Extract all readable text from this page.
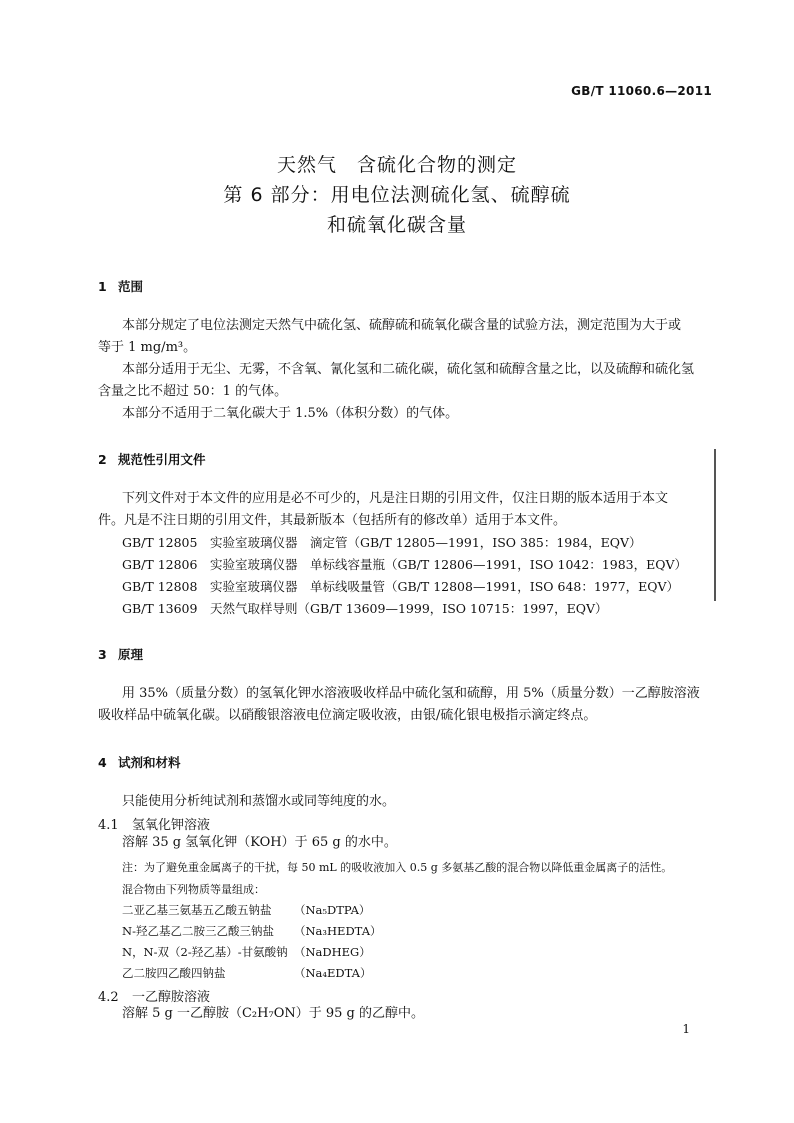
GB/T 11060.6—2011
天然气　含硫化合物的测定
第 6 部分：用电位法测硫化氢、硫醇硫
和硫氧化碳含量
1 范围
本部分规定了电位法测定天然气中硫化氢、硫醇硫和硫氧化碳含量的试验方法，测定范围为大于或
等于 1 mg/m³。
本部分适用于无尘、无雾，不含氧、氰化氢和二硫化碳，硫化氢和硫醇含量之比，以及硫醇和硫化氢
含量之比不超过 50：1 的气体。
本部分不适用于二氧化碳大于 1.5%（体积分数）的气体。
2 规范性引用文件
下列文件对于本文件的应用是必不可少的，凡是注日期的引用文件，仅注日期的版本适用于本文
件。凡是不注日期的引用文件，其最新版本（包括所有的修改单）适用于本文件。
GB/T 12805 实验室玻璃仪器　滴定管（GB/T 12805—1991，ISO 385：1984，EQV）
GB/T 12806 实验室玻璃仪器　单标线容量瓶（GB/T 12806—1991，ISO 1042：1983，EQV）
GB/T 12808 实验室玻璃仪器　单标线吸量管（GB/T 12808—1991，ISO 648：1977，EQV）
GB/T 13609 天然气取样导则（GB/T 13609—1999，ISO 10715：1997，EQV）
3 原理
用 35%（质量分数）的氢氧化钾水溶液吸收样品中硫化氢和硫醇，用 5%（质量分数）一乙醇胺溶液
吸收样品中硫氧化碳。以硝酸银溶液电位滴定吸收液，由银/硫化银电极指示滴定终点。
4 试剂和材料
只能使用分析纯试剂和蒸馏水或同等纯度的水。
4.1 氢氧化钾溶液
溶解 35 g 氢氧化钾（KOH）于 65 g 的水中。
注：为了避免重金属离子的干扰，每 50 mL 的吸收液加入 0.5 g 多氨基乙酸的混合物以降低重金属离子的活性。
混合物由下列物质等量组成：
二亚乙基三氨基五乙酸五钠盐 （Na₅DTPA）
N-羟乙基乙二胺三乙酸三钠盐 （Na₃HEDTA）
N，N-双（2-羟乙基）-甘氨酸钠 （NaDHEG）
乙二胺四乙酸四钠盐	（Na₄EDTA）
4.2 一乙醇胺溶液
溶解 5 g 一乙醇胺（C₂H₇ON）于 95 g 的乙醇中。
1
